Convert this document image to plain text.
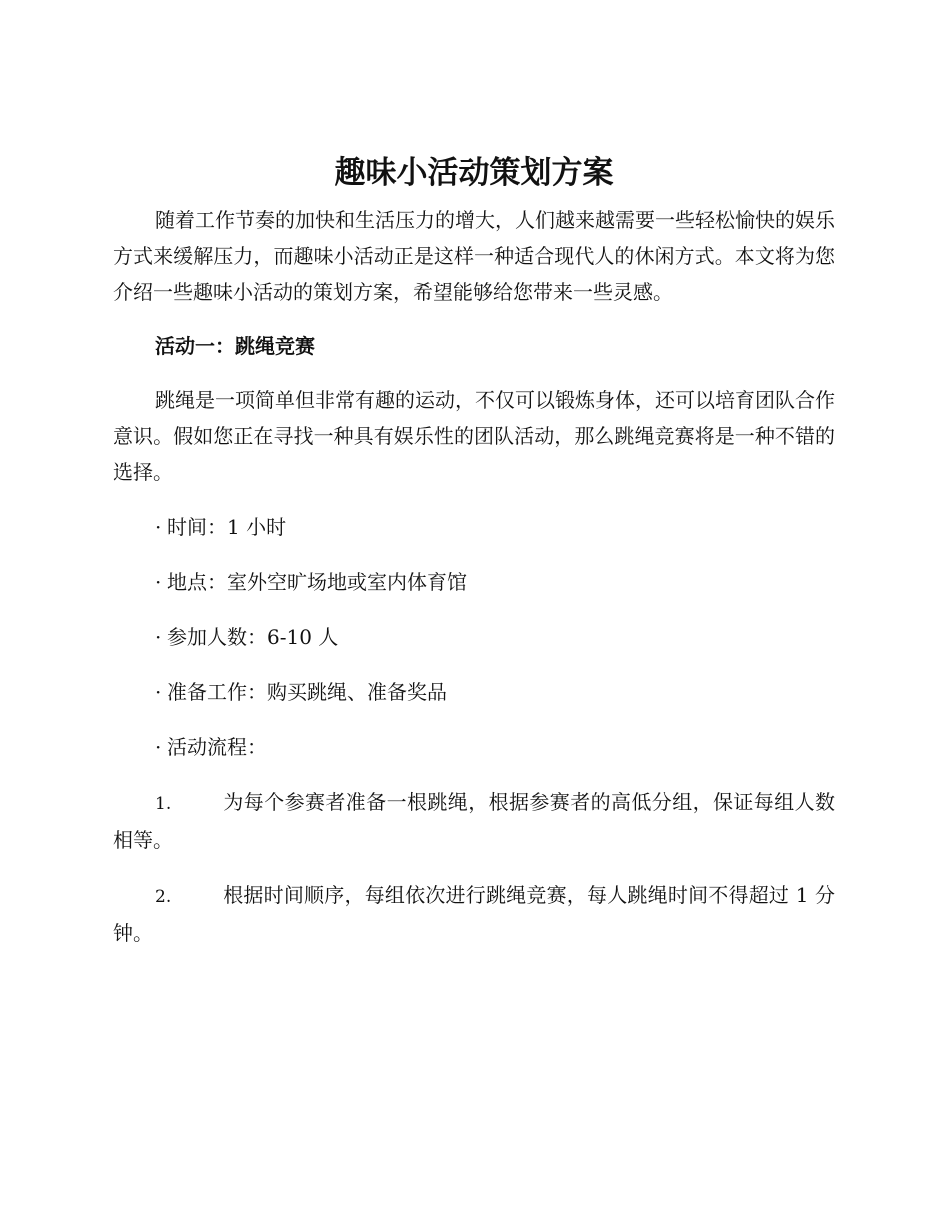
趣味小活动策划方案

随着工作节奏的加快和生活压力的增大，人们越来越需要一些轻松愉快的娱乐方式来缓解压力，而趣味小活动正是这样一种适合现代人的休闲方式。本文将为您介绍一些趣味小活动的策划方案，希望能够给您带来一些灵感。

活动一：跳绳竞赛

跳绳是一项简单但非常有趣的运动，不仅可以锻炼身体，还可以培育团队合作意识。假如您正在寻找一种具有娱乐性的团队活动，那么跳绳竞赛将是一种不错的选择。

· 时间：1 小时

· 地点：室外空旷场地或室内体育馆

· 参加人数：6-10 人

· 准备工作：购买跳绳、准备奖品

· 活动流程：

1.	为每个参赛者准备一根跳绳，根据参赛者的高低分组，保证每组人数相等。

2.	根据时间顺序，每组依次进行跳绳竞赛，每人跳绳时间不得超过 1 分钟。
